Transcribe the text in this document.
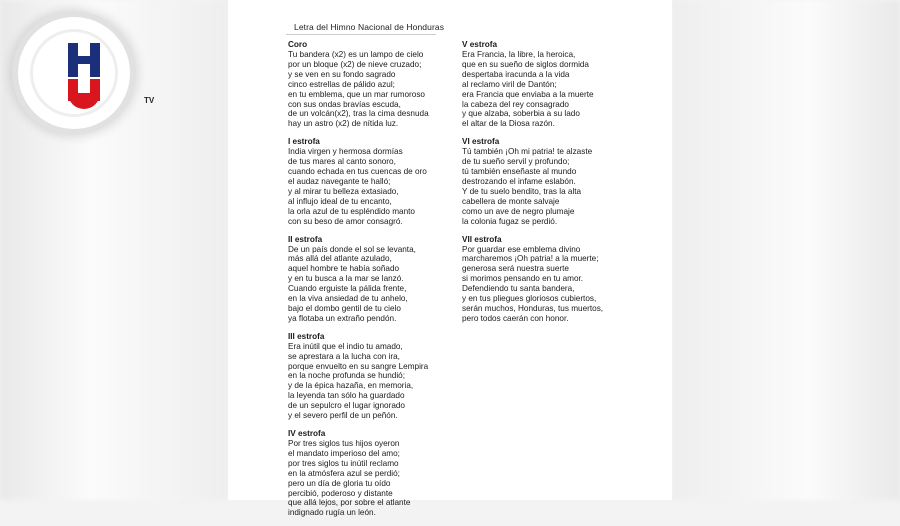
Letra del Himno Nacional de Honduras
Coro
Tu bandera (x2) es un lampo de cielo
por un bloque (x2) de nieve cruzado;
y se ven en su fondo sagrado
cinco estrellas de pálido azul;
en tu emblema, que un mar rumoroso
con sus ondas bravías escuda,
de un volcán(x2), tras la cima desnuda
hay un astro (x2) de nítida luz.
I estrofa
India virgen y hermosa dormías
de tus mares al canto sonoro,
cuando echada en tus cuencas de oro
el audaz navegante te halló;
y al mirar tu belleza extasiado,
al influjo ideal de tu encanto,
la orla azul de tu espléndido manto
con su beso de amor consagró.
II estrofa
De un país donde el sol se levanta,
más allá del atlante azulado,
aquel hombre te había soñado
y en tu busca a la mar se lanzó.
Cuando erguiste la pálida frente,
en la viva ansiedad de tu anhelo,
bajo el dombo gentil de tu cielo
ya flotaba un extraño pendón.
III estrofa
Era inútil que el indio tu amado,
se aprestara a la lucha con ira,
porque envuelto en su sangre Lempira
en la noche profunda se hundió;
y de la épica hazaña, en memoria,
la leyenda tan sólo ha guardado
de un sepulcro el lugar ignorado
y el severo perfil de un peñón.
IV estrofa
Por tres siglos tus hijos oyeron
el mandato imperioso del amo;
por tres siglos tu inútil reclamo
en la atmósfera azul se perdió;
pero un día de gloria tu oído
percibió, poderoso y distante
que allá lejos, por sobre el atlante
indignado rugía un león.
V estrofa
Era Francia, la libre, la heroica,
que en su sueño de siglos dormida
despertaba iracunda a la vida
al reclamo viril de Dantón;
era Francia que enviaba a la muerte
la cabeza del rey consagrado
y que alzaba, soberbia a su lado
el altar de la Diosa razón.
VI estrofa
Tú también ¡Oh mi patria! te alzaste
de tu sueño servil y profundo;
tú también enseñaste al mundo
destrozando el infame eslabón.
Y de tu suelo bendito, tras la alta
cabellera de monte salvaje
como un ave de negro plumaje
la colonia fugaz se perdió.
VII estrofa
Por guardar ese emblema divino
marcharemos ¡Oh patria! a la muerte;
generosa será nuestra suerte
si morimos pensando en tu amor.
Defendiendo tu santa bandera,
y en tus pliegues gloriosos cubiertos,
serán muchos, Honduras, tus muertos,
pero todos caerán con honor.
TV
